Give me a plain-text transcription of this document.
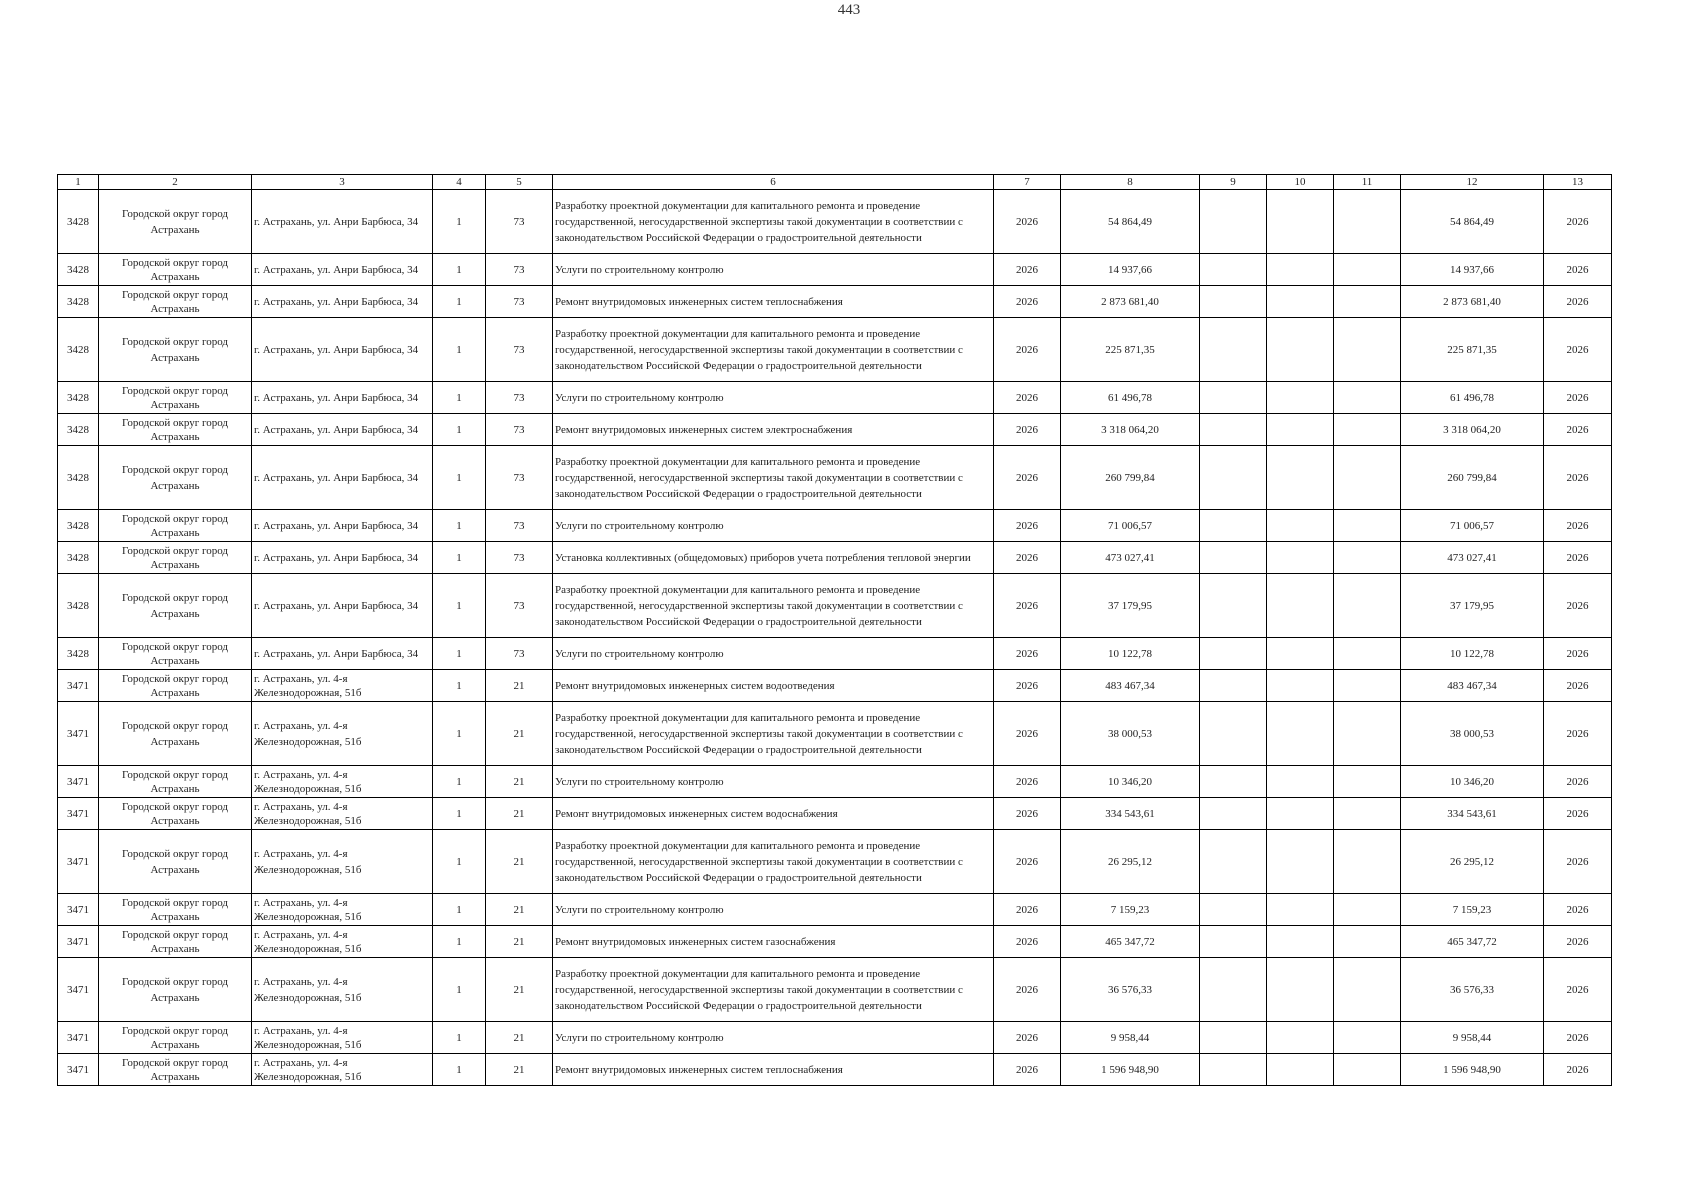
443
1	2	3	4	5	6	7	8	9	10	11	12	13
3428	Городской округ город Астрахань	г. Астрахань, ул. Анри Барбюса, 34	1	73	Разработку проектной документации для капитального ремонта и проведение государственной, негосударственной экспертизы такой документации в соответствии с законодательством Российской Федерации о градостроительной деятельности	2026	54 864,49				54 864,49	2026
3428	Городской округ город Астрахань	г. Астрахань, ул. Анри Барбюса, 34	1	73	Услуги по строительному контролю	2026	14 937,66				14 937,66	2026
3428	Городской округ город Астрахань	г. Астрахань, ул. Анри Барбюса, 34	1	73	Ремонт внутридомовых инженерных систем теплоснабжения	2026	2 873 681,40				2 873 681,40	2026
3428	Городской округ город Астрахань	г. Астрахань, ул. Анри Барбюса, 34	1	73	Разработку проектной документации для капитального ремонта и проведение государственной, негосударственной экспертизы такой документации в соответствии с законодательством Российской Федерации о градостроительной деятельности	2026	225 871,35				225 871,35	2026
3428	Городской округ город Астрахань	г. Астрахань, ул. Анри Барбюса, 34	1	73	Услуги по строительному контролю	2026	61 496,78				61 496,78	2026
3428	Городской округ город Астрахань	г. Астрахань, ул. Анри Барбюса, 34	1	73	Ремонт внутридомовых инженерных систем электроснабжения	2026	3 318 064,20				3 318 064,20	2026
3428	Городской округ город Астрахань	г. Астрахань, ул. Анри Барбюса, 34	1	73	Разработку проектной документации для капитального ремонта и проведение государственной, негосударственной экспертизы такой документации в соответствии с законодательством Российской Федерации о градостроительной деятельности	2026	260 799,84				260 799,84	2026
3428	Городской округ город Астрахань	г. Астрахань, ул. Анри Барбюса, 34	1	73	Услуги по строительному контролю	2026	71 006,57				71 006,57	2026
3428	Городской округ город Астрахань	г. Астрахань, ул. Анри Барбюса, 34	1	73	Установка коллективных (общедомовых) приборов учета потребления тепловой энергии	2026	473 027,41				473 027,41	2026
3428	Городской округ город Астрахань	г. Астрахань, ул. Анри Барбюса, 34	1	73	Разработку проектной документации для капитального ремонта и проведение государственной, негосударственной экспертизы такой документации в соответствии с законодательством Российской Федерации о градостроительной деятельности	2026	37 179,95				37 179,95	2026
3428	Городской округ город Астрахань	г. Астрахань, ул. Анри Барбюса, 34	1	73	Услуги по строительному контролю	2026	10 122,78				10 122,78	2026
3471	Городской округ город Астрахань	г. Астрахань, ул. 4-я Железнодорожная, 51б	1	21	Ремонт внутридомовых инженерных систем водоотведения	2026	483 467,34				483 467,34	2026
3471	Городской округ город Астрахань	г. Астрахань, ул. 4-я Железнодорожная, 51б	1	21	Разработку проектной документации для капитального ремонта и проведение государственной, негосударственной экспертизы такой документации в соответствии с законодательством Российской Федерации о градостроительной деятельности	2026	38 000,53				38 000,53	2026
3471	Городской округ город Астрахань	г. Астрахань, ул. 4-я Железнодорожная, 51б	1	21	Услуги по строительному контролю	2026	10 346,20				10 346,20	2026
3471	Городской округ город Астрахань	г. Астрахань, ул. 4-я Железнодорожная, 51б	1	21	Ремонт внутридомовых инженерных систем водоснабжения	2026	334 543,61				334 543,61	2026
3471	Городской округ город Астрахань	г. Астрахань, ул. 4-я Железнодорожная, 51б	1	21	Разработку проектной документации для капитального ремонта и проведение государственной, негосударственной экспертизы такой документации в соответствии с законодательством Российской Федерации о градостроительной деятельности	2026	26 295,12				26 295,12	2026
3471	Городской округ город Астрахань	г. Астрахань, ул. 4-я Железнодорожная, 51б	1	21	Услуги по строительному контролю	2026	7 159,23				7 159,23	2026
3471	Городской округ город Астрахань	г. Астрахань, ул. 4-я Железнодорожная, 51б	1	21	Ремонт внутридомовых инженерных систем газоснабжения	2026	465 347,72				465 347,72	2026
3471	Городской округ город Астрахань	г. Астрахань, ул. 4-я Железнодорожная, 51б	1	21	Разработку проектной документации для капитального ремонта и проведение государственной, негосударственной экспертизы такой документации в соответствии с законодательством Российской Федерации о градостроительной деятельности	2026	36 576,33				36 576,33	2026
3471	Городской округ город Астрахань	г. Астрахань, ул. 4-я Железнодорожная, 51б	1	21	Услуги по строительному контролю	2026	9 958,44				9 958,44	2026
3471	Городской округ город Астрахань	г. Астрахань, ул. 4-я Железнодорожная, 51б	1	21	Ремонт внутридомовых инженерных систем теплоснабжения	2026	1 596 948,90				1 596 948,90	2026
